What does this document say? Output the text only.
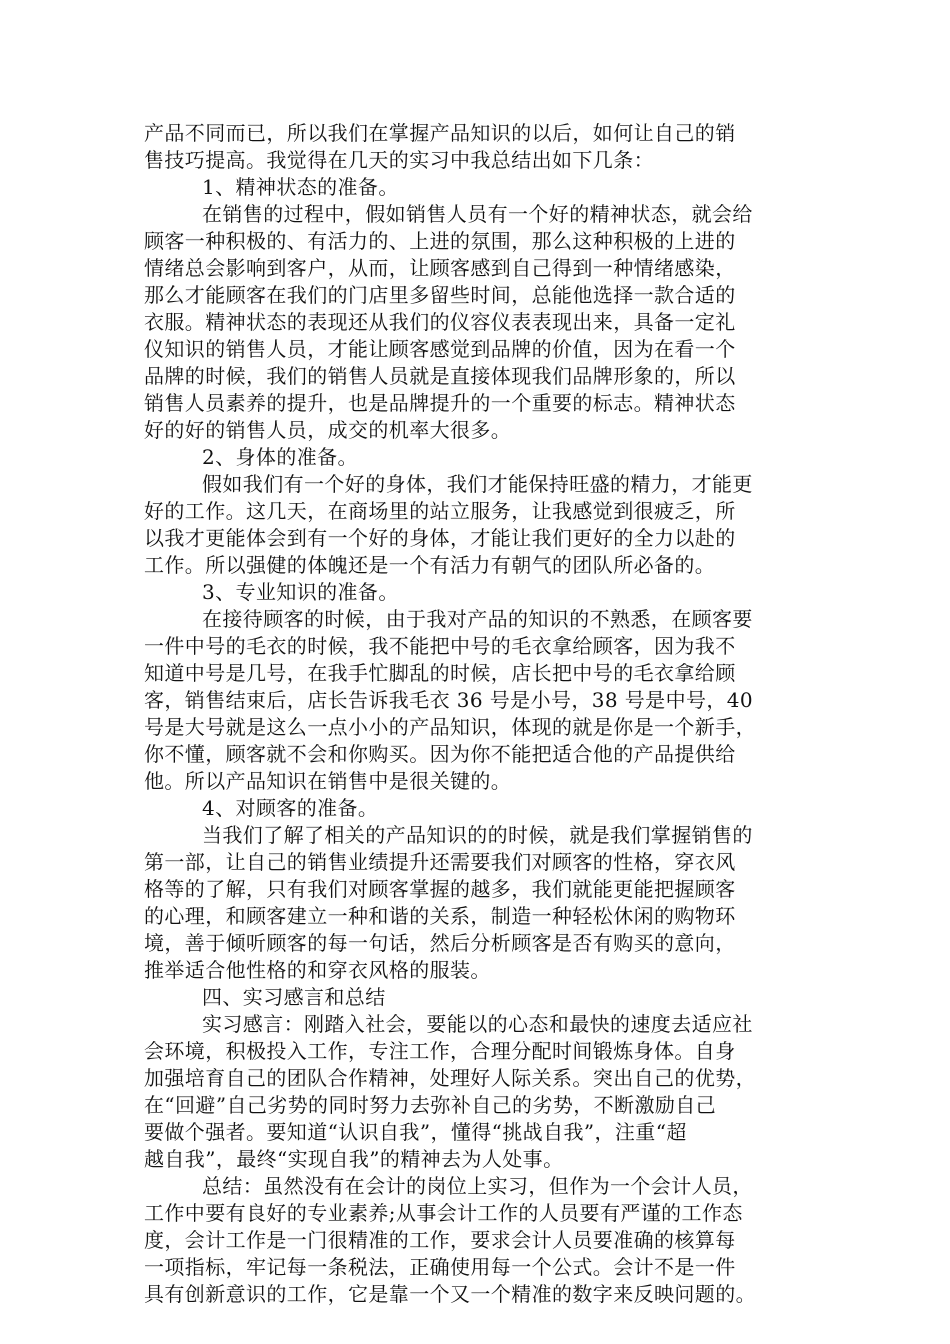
产品不同而已，所以我们在掌握产品知识的以后，如何让自己的销
售技巧提高。我觉得在几天的实习中我总结出如下几条：
1、精神状态的准备。
在销售的过程中，假如销售人员有一个好的精神状态，就会给
顾客一种积极的、有活力的、上进的氛围，那么这种积极的上进的
情绪总会影响到客户，从而，让顾客感到自己得到一种情绪感染，
那么才能顾客在我们的门店里多留些时间，总能他选择一款合适的
衣服。精神状态的表现还从我们的仪容仪表表现出来，具备一定礼
仪知识的销售人员，才能让顾客感觉到品牌的价值，因为在看一个
品牌的时候，我们的销售人员就是直接体现我们品牌形象的，所以
销售人员素养的提升，也是品牌提升的一个重要的标志。精神状态
好的好的销售人员，成交的机率大很多。
2、身体的准备。
假如我们有一个好的身体，我们才能保持旺盛的精力，才能更
好的工作。这几天，在商场里的站立服务，让我感觉到很疲乏，所
以我才更能体会到有一个好的身体，才能让我们更好的全力以赴的
工作。所以强健的体魄还是一个有活力有朝气的团队所必备的。
3、专业知识的准备。
在接待顾客的时候，由于我对产品的知识的不熟悉，在顾客要
一件中号的毛衣的时候，我不能把中号的毛衣拿给顾客，因为我不
知道中号是几号，在我手忙脚乱的时候，店长把中号的毛衣拿给顾
客，销售结束后，店长告诉我毛衣 36 号是小号，38 号是中号，40
号是大号就是这么一点小小的产品知识，体现的就是你是一个新手，
你不懂，顾客就不会和你购买。因为你不能把适合他的产品提供给
他。所以产品知识在销售中是很关键的。
4、对顾客的准备。
当我们了解了相关的产品知识的的时候，就是我们掌握销售的
第一部，让自己的销售业绩提升还需要我们对顾客的性格，穿衣风
格等的了解，只有我们对顾客掌握的越多，我们就能更能把握顾客
的心理，和顾客建立一种和谐的关系，制造一种轻松休闲的购物环
境，善于倾听顾客的每一句话，然后分析顾客是否有购买的意向，
推举适合他性格的和穿衣风格的服装。
四、实习感言和总结
实习感言：刚踏入社会，要能以的心态和最快的速度去适应社
会环境，积极投入工作，专注工作，合理分配时间锻炼身体。自身
加强培育自己的团队合作精神，处理好人际关系。突出自己的优势，
在“回避”自己劣势的同时努力去弥补自己的劣势，不断激励自己
要做个强者。要知道“认识自我”，懂得“挑战自我”，注重“超
越自我”，最终“实现自我”的精神去为人处事。
总结：虽然没有在会计的岗位上实习，但作为一个会计人员，
工作中要有良好的专业素养;从事会计工作的人员要有严谨的工作态
度，会计工作是一门很精准的工作，要求会计人员要准确的核算每
一项指标，牢记每一条税法，正确使用每一个公式。会计不是一件
具有创新意识的工作，它是靠一个又一个精准的数字来反映问题的。
